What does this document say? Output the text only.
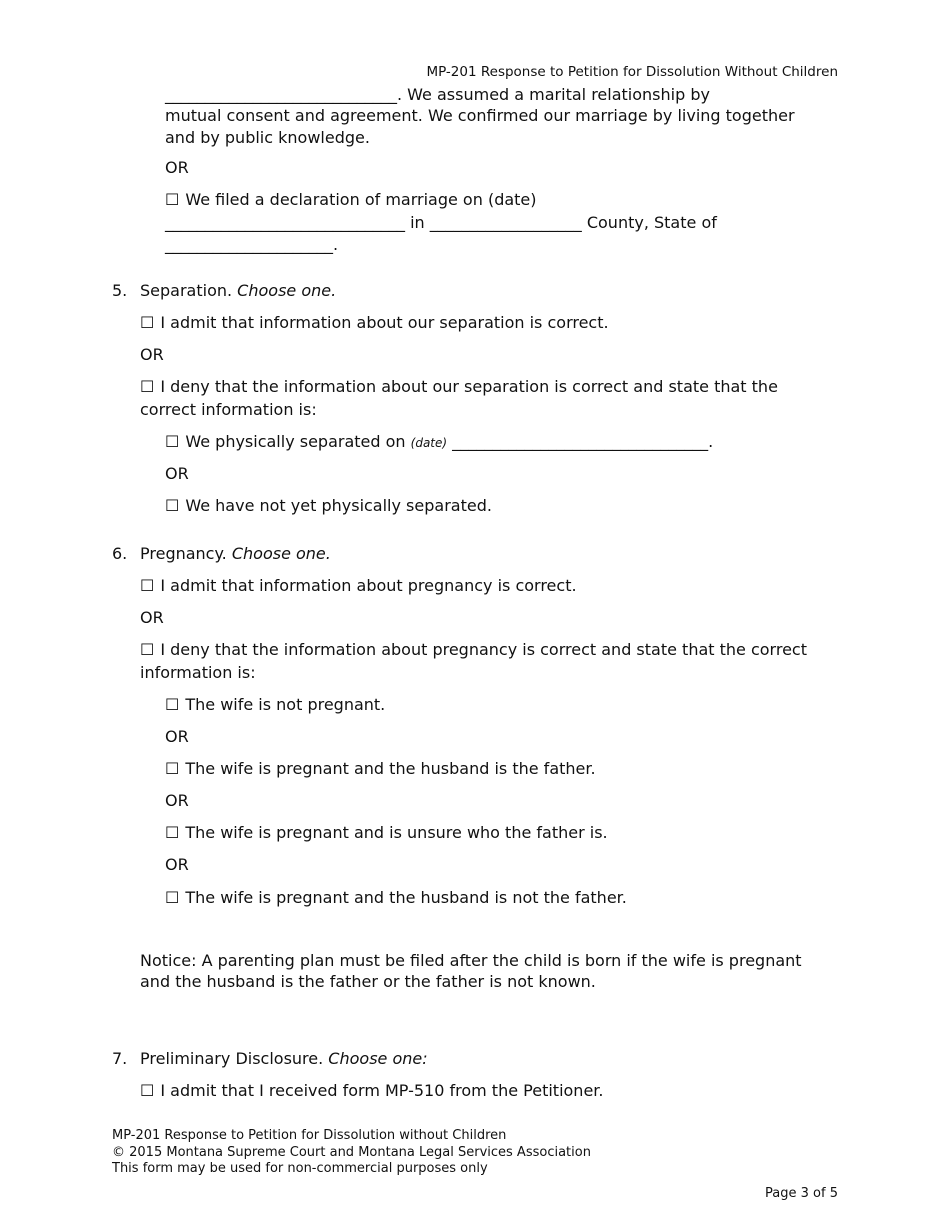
MP-201 Response to Petition for Dissolution Without Children
_____________________________. We assumed a marital relationship by
mutual consent and agreement. We confirmed our marriage by living together
and by public knowledge.
OR
☐ We filed a declaration of marriage on (date)
______________________________ in ___________________ County, State of
_____________________.
5. Separation. Choose one.
☐ I admit that information about our separation is correct.
OR
☐ I deny that the information about our separation is correct and state that the
correct information is:
☐ We physically separated on (date) ________________________________.
OR
☐ We have not yet physically separated.
6. Pregnancy. Choose one.
☐ I admit that information about pregnancy is correct.
OR
☐ I deny that the information about pregnancy is correct and state that the correct
information is:
☐ The wife is not pregnant.
OR
☐ The wife is pregnant and the husband is the father.
OR
☐ The wife is pregnant and is unsure who the father is.
OR
☐ The wife is pregnant and the husband is not the father.
Notice: A parenting plan must be filed after the child is born if the wife is pregnant
and the husband is the father or the father is not known.
7. Preliminary Disclosure. Choose one:
☐ I admit that I received form MP-510 from the Petitioner.
MP-201 Response to Petition for Dissolution without Children
© 2015 Montana Supreme Court and Montana Legal Services Association
This form may be used for non-commercial purposes only
Page 3 of 5
